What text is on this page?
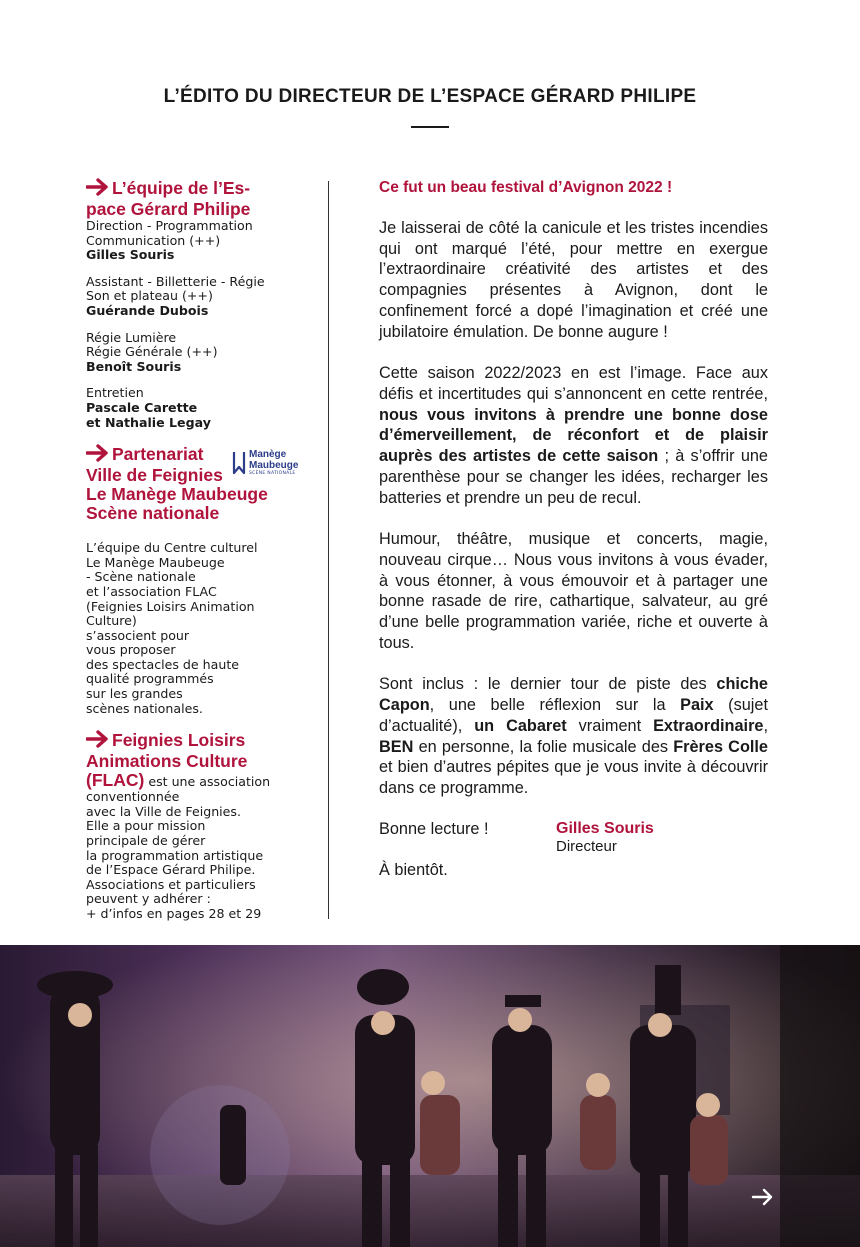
L’ÉDITO DU DIRECTEUR DE L’ESPACE GÉRARD PHILIPE
L’équipe de l’Es-
pace Gérard Philipe
Direction - Programmation
Communication (++)
Gilles Souris
Assistant - Billetterie - Régie
Son et plateau (++)
Guérande Dubois
Régie Lumière
Régie Générale (++)
Benoît Souris
Entretien
Pascale Carette
et Nathalie Legay
Partenariat
Ville de Feignies
Le Manège Maubeuge
Scène nationale
Manège
Maubeuge
SCÈNE NATIONALE
L’équipe du Centre culturel
Le Manège Maubeuge
- Scène nationale
et l’association FLAC
(Feignies Loisirs Animation
Culture)
s’associent pour
vous proposer
des spectacles de haute
qualité programmés
sur les grandes
scènes nationales.
Feignies Loisirs
Animations Culture
(FLAC) est une association
conventionnée
avec la Ville de Feignies.
Elle a pour mission
principale de gérer
la programmation artistique
de l’Espace Gérard Philipe.
Associations et particuliers
peuvent y adhérer :
+ d’infos en pages 28 et 29

Ce fut un beau festival d’Avignon 2022 !

Je laisserai de côté la canicule et les tristes incendies qui ont marqué l’été, pour mettre en exergue l’extraordinaire créativité des artistes et des compagnies présentes à Avignon, dont le confinement forcé a dopé l’imagination et créé une jubilatoire émulation. De bonne augure !

Cette saison 2022/2023 en est l’image. Face aux défis et incertitudes qui s’annoncent en cette rentrée, nous vous invitons à prendre une bonne dose d’émerveillement, de réconfort et de plaisir auprès des artistes de cette saison ; à s’offrir une parenthèse pour se changer les idées, recharger les batteries et prendre un peu de recul.

Humour, théâtre, musique et concerts, magie, nouveau cirque… Nous vous invitons à vous évader, à vous étonner, à vous émouvoir et à partager une bonne rasade de rire, cathartique, salvateur, au gré d’une belle programmation variée, riche et ouverte à tous.

Sont inclus : le dernier tour de piste des chiche Capon, une belle réflexion sur la Paix (sujet d’actualité), un Cabaret vraiment Extraordinaire, BEN en personne, la folie musicale des Frères Colle et bien d’autres pépites que je vous invite à découvrir dans ce programme.

Bonne lecture !

À bientôt.

Gilles Souris
Directeur
